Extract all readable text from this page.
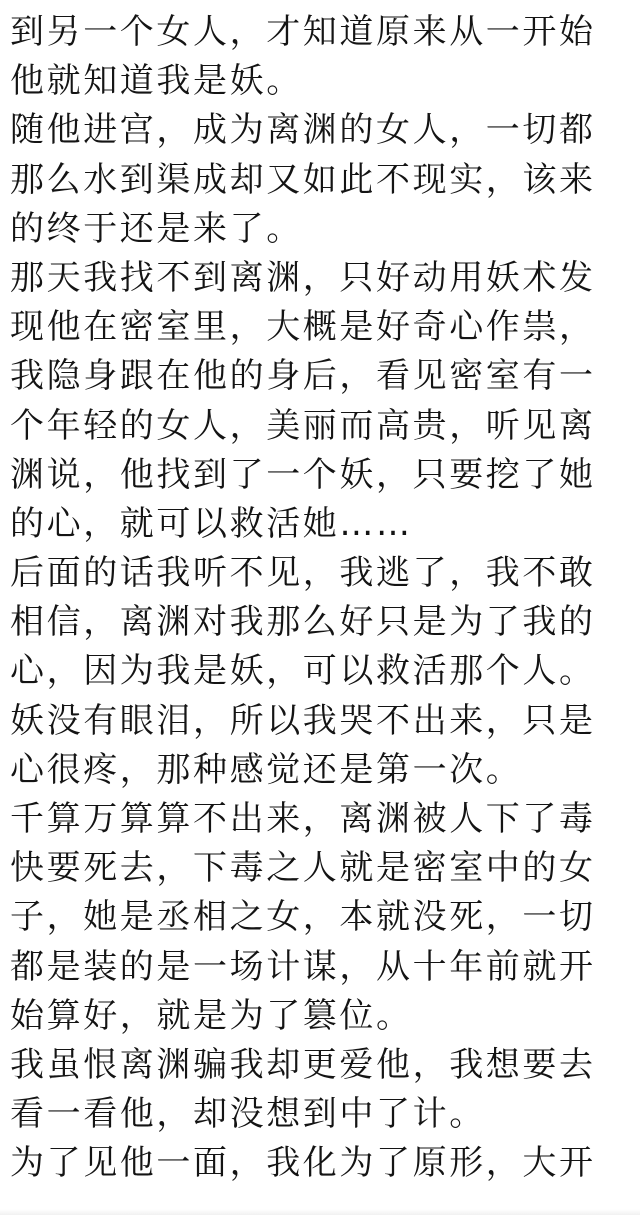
到另一个女人，才知道原来从一开始
他就知道我是妖。
随他进宫，成为离渊的女人，一切都
那么水到渠成却又如此不现实，该来
的终于还是来了。
那天我找不到离渊，只好动用妖术发
现他在密室里，大概是好奇心作祟，
我隐身跟在他的身后，看见密室有一
个年轻的女人，美丽而高贵，听见离
渊说，他找到了一个妖，只要挖了她
的心，就可以救活她……
后面的话我听不见，我逃了，我不敢
相信，离渊对我那么好只是为了我的
心，因为我是妖，可以救活那个人。
妖没有眼泪，所以我哭不出来，只是
心很疼，那种感觉还是第一次。
千算万算算不出来，离渊被人下了毒
快要死去，下毒之人就是密室中的女
子，她是丞相之女，本就没死，一切
都是装的是一场计谋，从十年前就开
始算好，就是为了篡位。
我虽恨离渊骗我却更爱他，我想要去
看一看他，却没想到中了计。
为了见他一面，我化为了原形，大开
